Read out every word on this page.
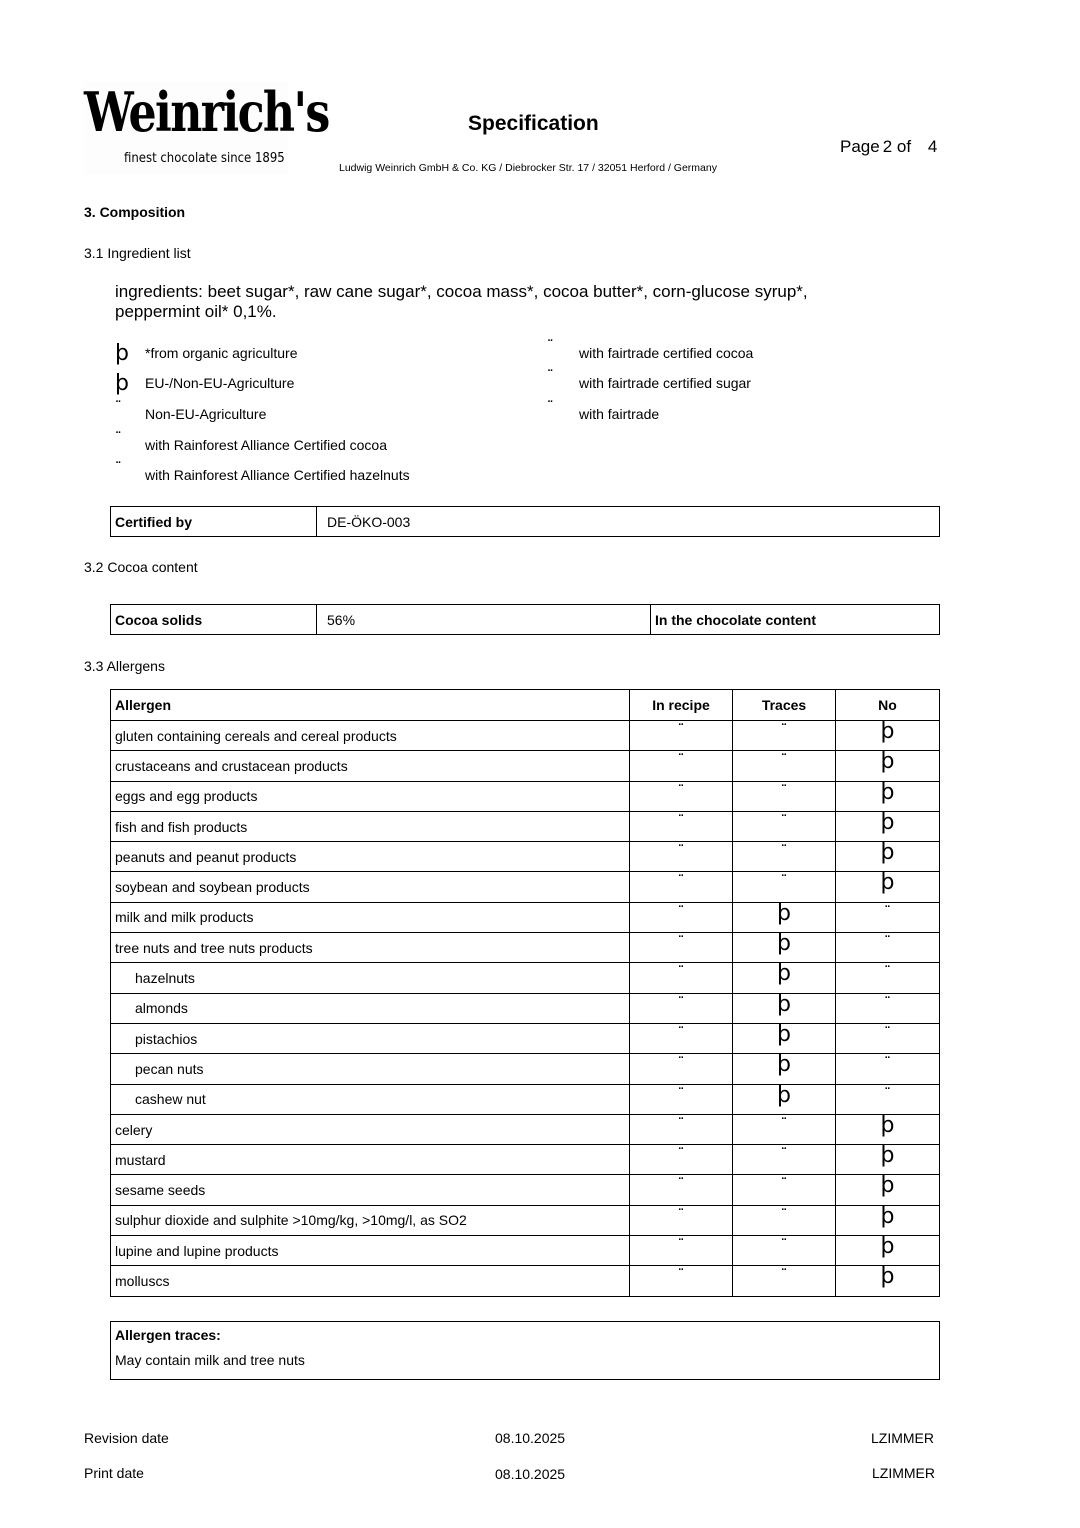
Weinrich's
finest chocolate since 1895
Specification
Ludwig Weinrich GmbH & Co. KG / Diebrocker Str. 17 / 32051 Herford / Germany
Page 2 of 4
3. Composition
3.1 Ingredient list
ingredients: beet sugar*, raw cane sugar*, cocoa mass*, cocoa butter*, corn-glucose syrup*,
peppermint oil* 0,1%.
þ *from organic agriculture
þ EU-/Non-EU-Agriculture
¨ Non-EU-Agriculture
¨ with Rainforest Alliance Certified cocoa
¨ with Rainforest Alliance Certified hazelnuts
¨ with fairtrade certified cocoa
¨ with fairtrade certified sugar
¨ with fairtrade
Certified by	DE-ÖKO-003
3.2 Cocoa content
Cocoa solids	56%	In the chocolate content
3.3 Allergens
Allergen	In recipe	Traces	No
gluten containing cereals and cereal products	¨	¨	þ
crustaceans and crustacean products	¨	¨	þ
eggs and egg products	¨	¨	þ
fish and fish products	¨	¨	þ
peanuts and peanut products	¨	¨	þ
soybean and soybean products	¨	¨	þ
milk and milk products	¨	þ	¨
tree nuts and tree nuts products	¨	þ	¨
hazelnuts	¨	þ	¨
almonds	¨	þ	¨
pistachios	¨	þ	¨
pecan nuts	¨	þ	¨
cashew nut	¨	þ	¨
celery	¨	¨	þ
mustard	¨	¨	þ
sesame seeds	¨	¨	þ
sulphur dioxide and sulphite >10mg/kg, >10mg/l, as SO2	¨	¨	þ
lupine and lupine products	¨	¨	þ
molluscs	¨	¨	þ
Allergen traces:
May contain milk and tree nuts
Revision date	08.10.2025	LZIMMER
Print date	08.10.2025	LZIMMER
